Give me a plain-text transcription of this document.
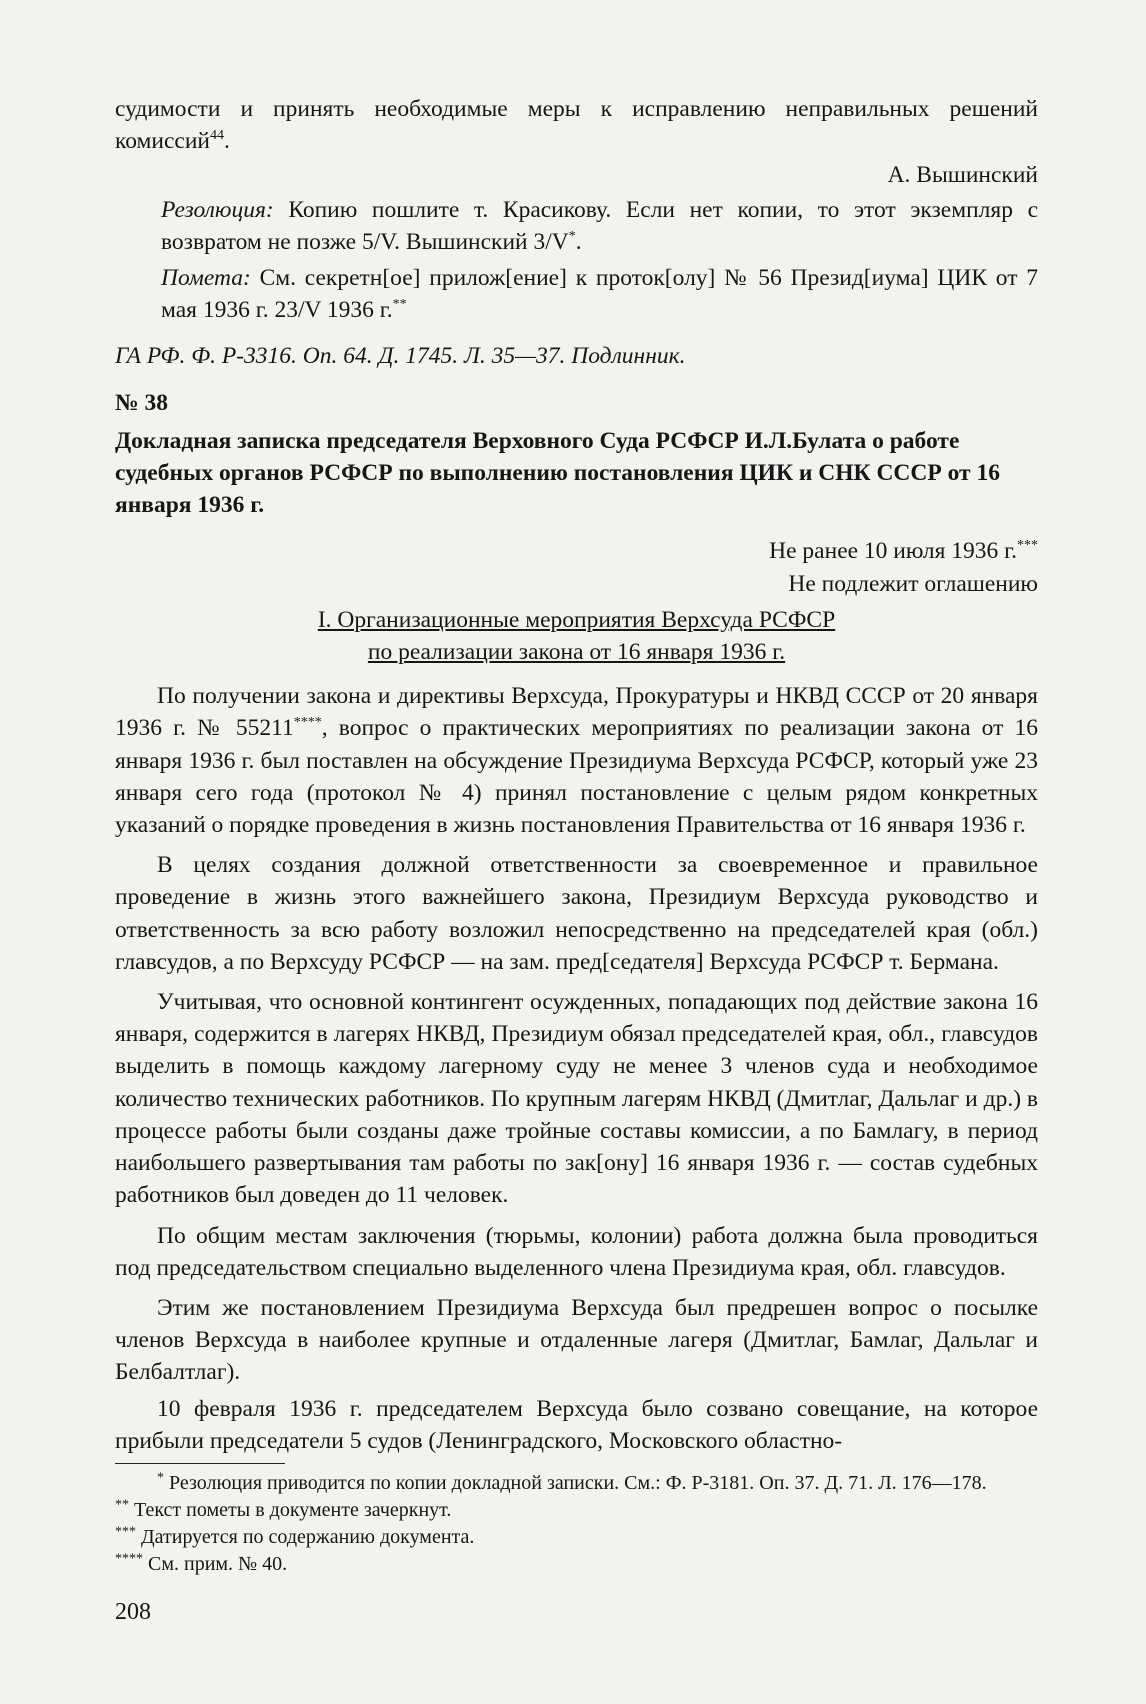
судимости и принять необходимые меры к исправлению неправильных решений комиссий$^{44}$.

А. Вышинский

Резолюция: Копию пошлите т. Красикову. Если нет копии, то этот экземпляр с возвратом не позже 5/V. Вышинский 3/V*.

Помета: См. секретн[ое] прилож[ение] к проток[олу] № 56 Презид[иума] ЦИК от 7 мая 1936 г. 23/V 1936 г.**

ГА РФ. Ф. Р-3316. Оп. 64. Д. 1745. Л. 35—37. Подлинник.

№ 38

Докладная записка председателя Верховного Суда РСФСР И.Л.Булата о работе судебных органов РСФСР по выполнению постановления ЦИК и СНК СССР от 16 января 1936 г.

Не ранее 10 июля 1936 г.***

Не подлежит оглашению

I. Организационные мероприятия Верхсуда РСФСР
по реализации закона от 16 января 1936 г.

По получении закона и директивы Верхсуда, Прокуратуры и НКВД СССР от 20 января 1936 г. № 55211****, вопрос о практических мероприятиях по реализации закона от 16 января 1936 г. был поставлен на обсуждение Президиума Верхсуда РСФСР, который уже 23 января сего года (протокол № 4) принял постановление с целым рядом конкретных указаний о порядке проведения в жизнь постановления Правительства от 16 января 1936 г.

В целях создания должной ответственности за своевременное и правильное проведение в жизнь этого важнейшего закона, Президиум Верхсуда руководство и ответственность за всю работу возложил непосредственно на председателей края (обл.) главсудов, а по Верхсуду РСФСР — на зам. пред[седателя] Верхсуда РСФСР т. Бермана.

Учитывая, что основной контингент осужденных, попадающих под действие закона 16 января, содержится в лагерях НКВД, Президиум обязал председателей края, обл., главсудов выделить в помощь каждому лагерному суду не менее 3 членов суда и необходимое количество технических работников. По крупным лагерям НКВД (Дмитлаг, Дальлаг и др.) в процессе работы были созданы даже тройные составы комиссии, а по Бамлагу, в период наибольшего развертывания там работы по зак[ону] 16 января 1936 г. — состав судебных работников был доведен до 11 человек.

По общим местам заключения (тюрьмы, колонии) работа должна была проводиться под председательством специально выделенного члена Президиума края, обл. главсудов.

Этим же постановлением Президиума Верхсуда был предрешен вопрос о посылке членов Верхсуда в наиболее крупные и отдаленные лагеря (Дмитлаг, Бамлаг, Дальлаг и Белбалтлаг).

10 февраля 1936 г. председателем Верхсуда было созвано совещание, на которое прибыли председатели 5 судов (Ленинградского, Московского областно-

* Резолюция приводится по копии докладной записки. См.: Ф. Р-3181. Оп. 37. Д. 71. Л. 176—178.

** Текст пометы в документе зачеркнут.

*** Датируется по содержанию документа.

**** См. прим. № 40.

208
